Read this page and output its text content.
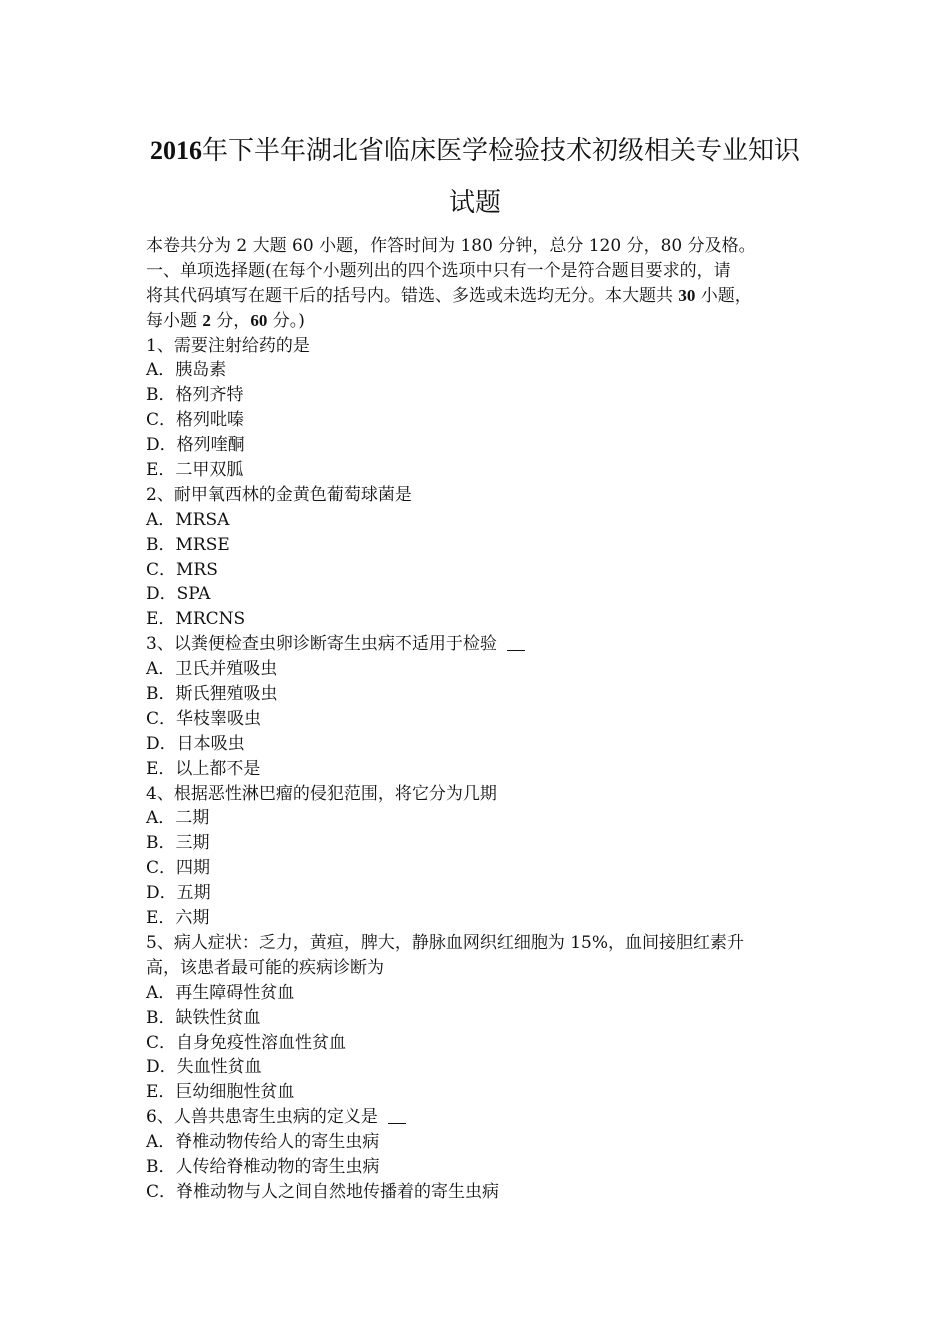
2016年下半年湖北省临床医学检验技术初级相关专业知识
试题
本卷共分为 2 大题 60 小题，作答时间为 180 分钟，总分 120 分，80 分及格。
一、单项选择题(在每个小题列出的四个选项中只有一个是符合题目要求的，请
将其代码填写在题干后的括号内。错选、多选或未选均无分。本大题共 30 小题，
每小题 2 分，60 分。)
1、需要注射给药的是
A．胰岛素
B．格列齐特
C．格列吡嗪
D．格列喹酮
E．二甲双胍
2、耐甲氧西林的金黄色葡萄球菌是
A．MRSA
B．MRSE
C．MRS
D．SPA
E．MRCNS
3、以粪便检查虫卵诊断寄生虫病不适用于检验
A．卫氏并殖吸虫
B．斯氏狸殖吸虫
C．华枝睾吸虫
D．日本吸虫
E．以上都不是
4、根据恶性淋巴瘤的侵犯范围，将它分为几期
A．二期
B．三期
C．四期
D．五期
E．六期
5、病人症状：乏力，黄疸，脾大，静脉血网织红细胞为 15%，血间接胆红素升
高，该患者最可能的疾病诊断为
A．再生障碍性贫血
B．缺铁性贫血
C．自身免疫性溶血性贫血
D．失血性贫血
E．巨幼细胞性贫血
6、人兽共患寄生虫病的定义是
A．脊椎动物传给人的寄生虫病
B．人传给脊椎动物的寄生虫病
C．脊椎动物与人之间自然地传播着的寄生虫病
